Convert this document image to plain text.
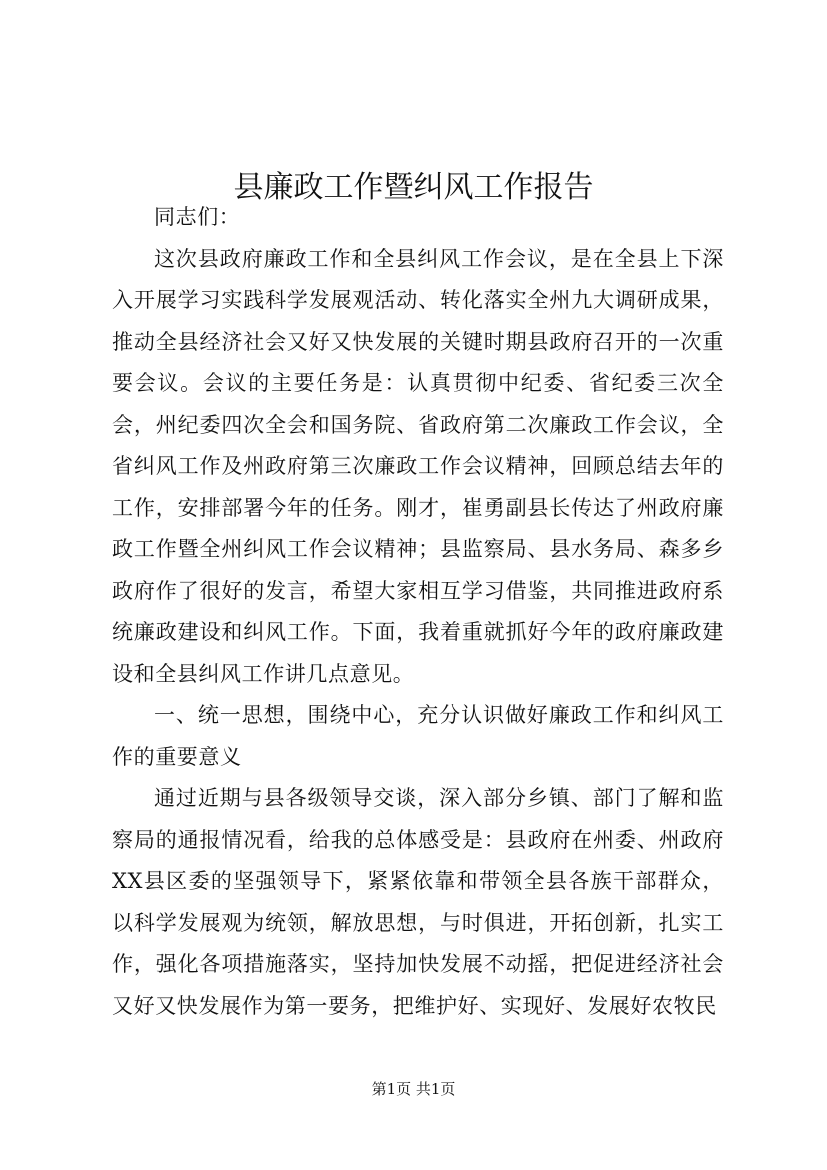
县廉政工作暨纠风工作报告

同志们：

这次县政府廉政工作和全县纠风工作会议，是在全县上下深入开展学习实践科学发展观活动、转化落实全州九大调研成果，推动全县经济社会又好又快发展的关键时期县政府召开的一次重要会议。会议的主要任务是：认真贯彻中纪委、省纪委三次全会，州纪委四次全会和国务院、省政府第二次廉政工作会议，全省纠风工作及州政府第三次廉政工作会议精神，回顾总结去年的工作，安排部署今年的任务。刚才，崔勇副县长传达了州政府廉政工作暨全州纠风工作会议精神；县监察局、县水务局、森多乡政府作了很好的发言，希望大家相互学习借鉴，共同推进政府系统廉政建设和纠风工作。下面，我着重就抓好今年的政府廉政建设和全县纠风工作讲几点意见。

一、统一思想，围绕中心，充分认识做好廉政工作和纠风工作的重要意义

通过近期与县各级领导交谈，深入部分乡镇、部门了解和监察局的通报情况看，给我的总体感受是：县政府在州委、州政府XX县区委的坚强领导下，紧紧依靠和带领全县各族干部群众，以科学发展观为统领，解放思想，与时俱进，开拓创新，扎实工作，强化各项措施落实，坚持加快发展不动摇，把促进经济社会又好又快发展作为第一要务，把维护好、实现好、发展好农牧民

第1页 共1页
